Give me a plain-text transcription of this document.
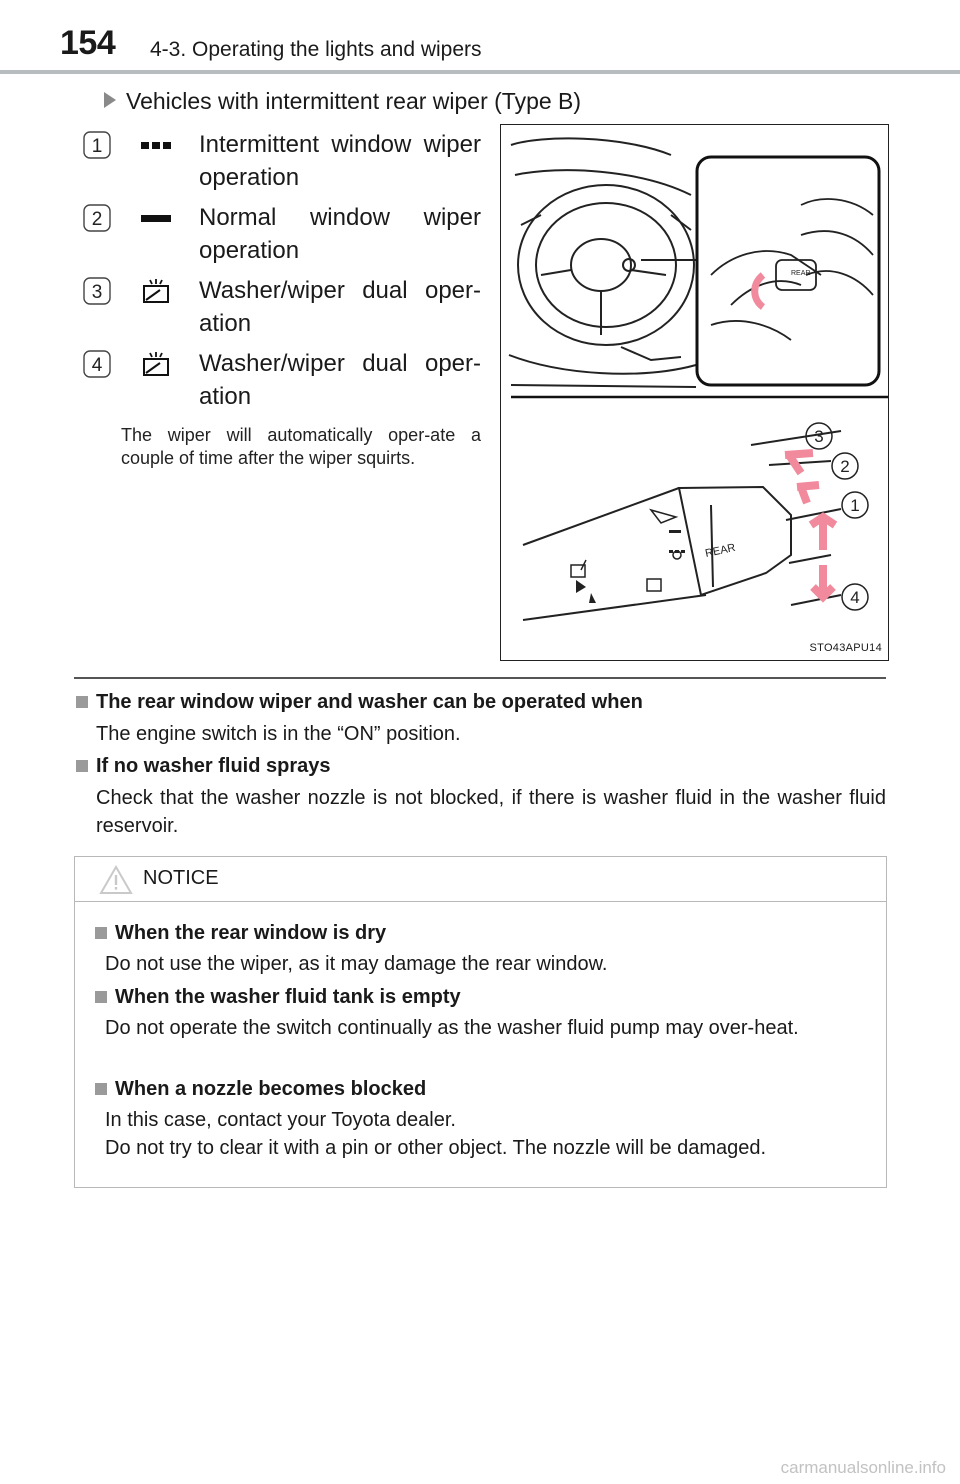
154 4-3. Operating the lights and wipers
Vehicles with intermittent rear wiper (Type B)
1	Intermittent window wiper operation
2	Normal window wiper operation
3	Washer/wiper dual oper-ation
4	Washer/wiper dual oper-ation
The wiper will automatically oper-ate a couple of time after the wiper squirts.
REAR
REAR
3
2
1
4
STO43APU14
The rear window wiper and washer can be operated when
The engine switch is in the “ON” position.
If no washer fluid sprays
Check that the washer nozzle is not blocked, if there is washer fluid in the washer fluid reservoir.
NOTICE
When the rear window is dry
Do not use the wiper, as it may damage the rear window.
When the washer fluid tank is empty
Do not operate the switch continually as the washer fluid pump may over-heat.
When a nozzle becomes blocked
In this case, contact your Toyota dealer.
Do not try to clear it with a pin or other object. The nozzle will be damaged.
carmanualsonline.info
